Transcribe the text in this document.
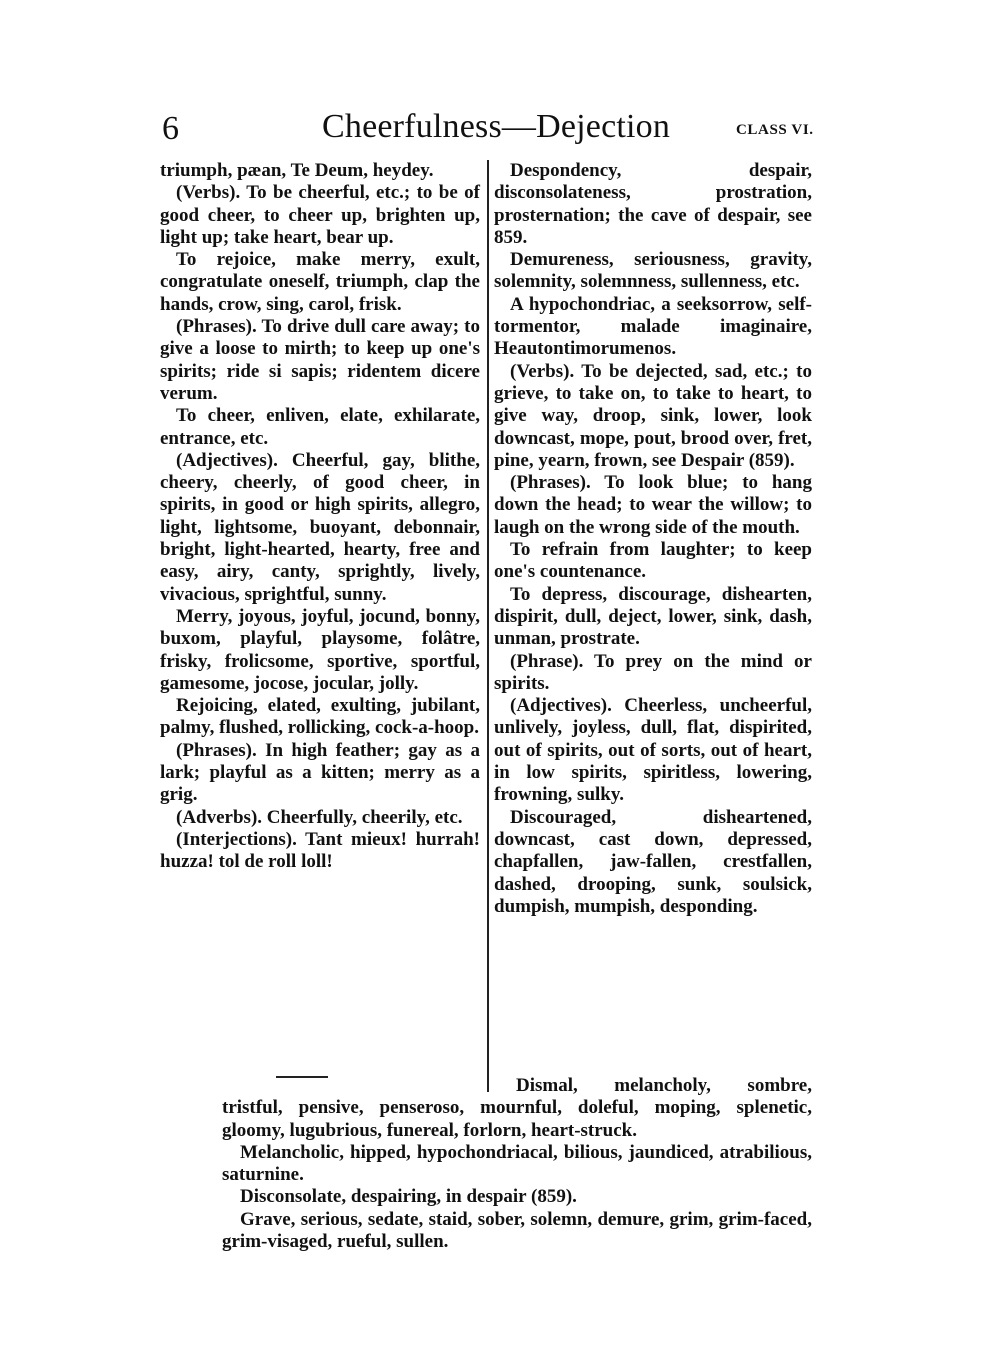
6	Cheerfulness—Dejection	CLASS VI.

triumph, pæan, Te Deum, heydey.

(Verbs). To be cheerful, etc.; to be of good cheer, to cheer up, brighten up, light up; take heart, bear up.

To rejoice, make merry, exult, congratulate oneself, triumph, clap the hands, crow, sing, carol, frisk.

(Phrases). To drive dull care away; to give a loose to mirth; to keep up one's spirits; ride si sapis; ridentem dicere verum.

To cheer, enliven, elate, exhilarate, entrance, etc.

(Adjectives). Cheerful, gay, blithe, cheery, cheerly, of good cheer, in spirits, in good or high spirits, allegro, light, lightsome, buoyant, debonnair, bright, light-hearted, hearty, free and easy, airy, canty, sprightly, lively, vivacious, sprightful, sunny.

Merry, joyous, joyful, jocund, bonny, buxom, playful, playsome, folâtre, frisky, frolicsome, sportive, sportful, gamesome, jocose, jocular, jolly.

Rejoicing, elated, exulting, jubilant, palmy, flushed, rollicking, cock-a-hoop.

(Phrases). In high feather; gay as a lark; playful as a kitten; merry as a grig.

(Adverbs). Cheerfully, cheerily, etc.

(Interjections). Tant mieux! hurrah! huzza! tol de roll loll!

Despondency, despair, disconsolateness, prostration, prosternation; the cave of despair, see 859.

Demureness, seriousness, gravity, solemnity, solemnness, sullenness, etc.

A hypochondriac, a seeksorrow, self-tormentor, malade imaginaire, Heautontimorumenos.

(Verbs). To be dejected, sad, etc.; to grieve, to take on, to take to heart, to give way, droop, sink, lower, look downcast, mope, pout, brood over, fret, pine, yearn, frown, see Despair (859).

(Phrases). To look blue; to hang down the head; to wear the willow; to laugh on the wrong side of the mouth.

To refrain from laughter; to keep one's countenance.

To depress, discourage, dishearten, dispirit, dull, deject, lower, sink, dash, unman, prostrate.

(Phrase). To prey on the mind or spirits.

(Adjectives). Cheerless, uncheerful, unlively, joyless, dull, flat, dispirited, out of spirits, out of sorts, out of heart, in low spirits, spiritless, lowering, frowning, sulky.

Discouraged, disheartened, downcast, cast down, depressed, chapfallen, jaw-fallen, crestfallen, dashed, drooping, sunk, soulsick, dumpish, mumpish, desponding.

Dismal, melancholy, sombre, tristful, pensive, penseroso, mournful, doleful, moping, splenetic, gloomy, lugubrious, funereal, forlorn, heart-struck.

Melancholic, hipped, hypochondriacal, bilious, jaundiced, atrabilious, saturnine.

Disconsolate, despairing, in despair (859).

Grave, serious, sedate, staid, sober, solemn, demure, grim, grim-faced, grim-visaged, rueful, sullen.
